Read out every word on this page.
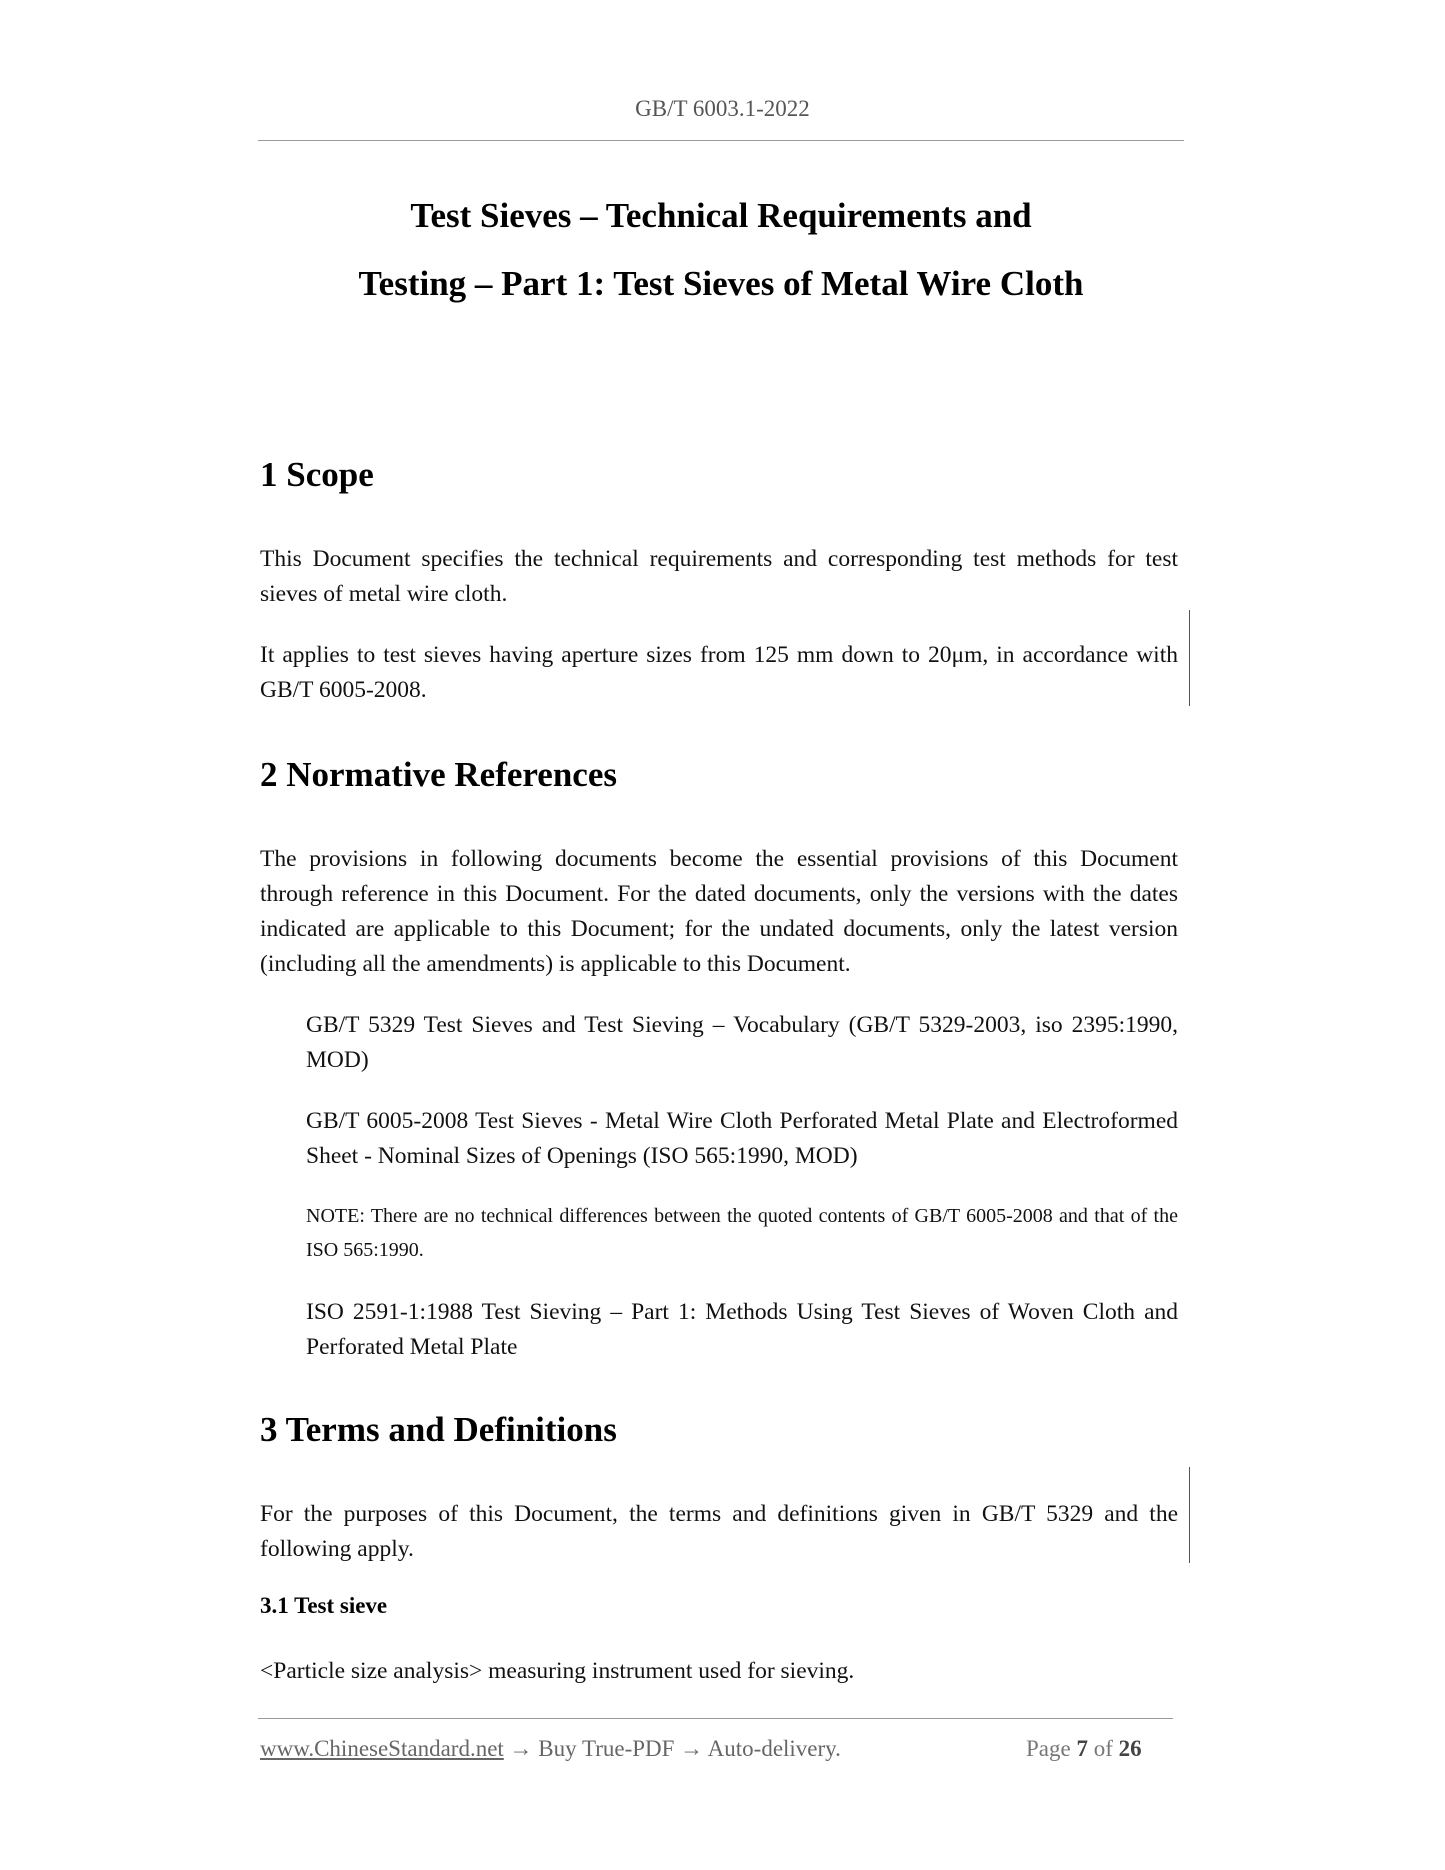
GB/T 6003.1-2022
Test Sieves – Technical Requirements and
Testing – Part 1: Test Sieves of Metal Wire Cloth
1 Scope
This Document specifies the technical requirements and corresponding test methods for test sieves of metal wire cloth.
It applies to test sieves having aperture sizes from 125 mm down to 20μm, in accordance with GB/T 6005-2008.
2 Normative References
The provisions in following documents become the essential provisions of this Document through reference in this Document. For the dated documents, only the versions with the dates indicated are applicable to this Document; for the undated documents, only the latest version (including all the amendments) is applicable to this Document.
GB/T 5329 Test Sieves and Test Sieving – Vocabulary (GB/T 5329-2003, iso 2395:1990, MOD)
GB/T 6005-2008 Test Sieves - Metal Wire Cloth Perforated Metal Plate and Electroformed Sheet - Nominal Sizes of Openings (ISO 565:1990, MOD)
NOTE: There are no technical differences between the quoted contents of GB/T 6005-2008 and that of the ISO 565:1990.
ISO 2591-1:1988 Test Sieving – Part 1: Methods Using Test Sieves of Woven Cloth and Perforated Metal Plate
3 Terms and Definitions
For the purposes of this Document, the terms and definitions given in GB/T 5329 and the following apply.
3.1 Test sieve
<Particle size analysis> measuring instrument used for sieving.
www.ChineseStandard.net → Buy True-PDF → Auto-delivery.	Page 7 of 26
